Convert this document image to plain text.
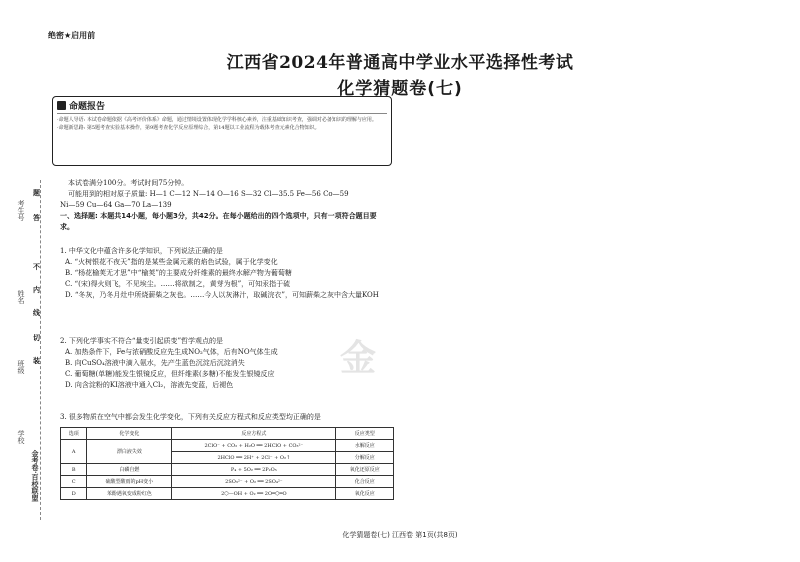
绝密★启用前
江西省2024年普通高中学业水平选择性考试
化学猜题卷(七)
命题报告

·命题人导语: 本试卷命题依据《高考评价体系》命题，通过情境设置体现化学学科核心素养，注重基础知识考查，强调对必备知识的理解与应用。

·命题新思路: 第5题考查实验基本操作，第9题考查化学反应原理综合，第14题以工业流程为载体考查元素化合物知识。

考生号
姓名
班级
学校
金考卷·百校联盟
题
答
不
内
线
切
装
本试卷满分100分。考试时间75分钟。
可能用到的相对原子质量: H—1 C—12 N—14 O—16 S—32 Cl—35.5 Fe—56 Co—59
Ni—59 Cu—64 Ga—70 La—139
一、选择题: 本题共14小题，每小题3分，共42分。在每小题给出的四个选项中，只有一项符合题目要求。
1. 中华文化中蕴含许多化学知识，下列说法正确的是
A. “火树银花不夜天”指的是某些金属元素的焰色试验，属于化学变化
B. “杨花榆荚无才思”中“榆荚”的主要成分纤维素的最终水解产物为葡萄糖
C. “(宋)得火则飞，不见埃尘。……将欲制之，黄芽为根”，可知汞指于硫
D. “冬灰，乃冬月灶中所烧薪柴之灰也。……今人以灰淋汁，取碱浣衣”，可知薪柴之灰中含大量KOH
金
2. 下列化学事实不符合“量变引起质变”哲学观点的是
A. 加热条件下，Fe与浓硝酸反应先生成NO₂气体，后有NO气体生成
B. 向CuSO₄溶液中滴入氨水，先产生蓝色沉淀后沉淀消失
C. 葡萄糖(单糖)能发生银镜反应，但纤维素(多糖)不能发生银镜反应
D. 向含淀粉的KI溶液中通入Cl₂，溶液先变蓝，后褪色
3. 很多物质在空气中都会发生化学变化，下列有关反应方程式和反应类型均正确的是
选项	化学变化	反应方程式	反应类型
A	漂白液失效	2ClO⁻ + CO₂ + H₂O ══ 2HClO + CO₃²⁻	水解反应
		2HClO ══ 2H⁺ + 2Cl⁻ + O₂↑	分解反应
B	白磷自燃	P₄ + 5O₂ ══ 2P₂O₅	氧化还原反应
C	硫酸型酸雨的pH变小	2SO₃²⁻ + O₂ ══ 2SO₄²⁻	化合反应
D	苯酚遇氧变成粉红色	2⬡—OH + O₂ ══ 2O═⬡═O	氧化反应
化学猜题卷(七) 江西卷 第1页(共8页)
